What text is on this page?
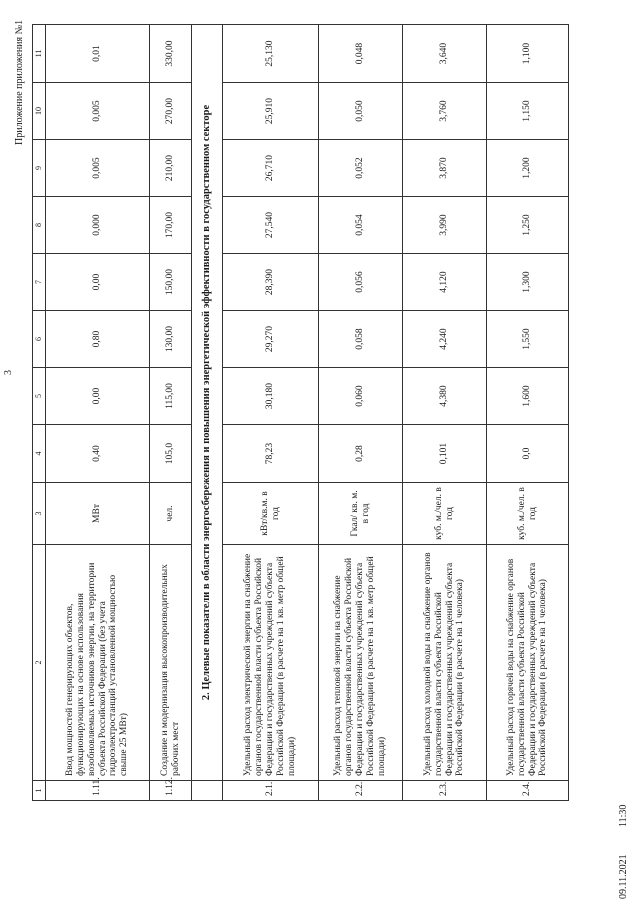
3
Приложение приложения №1
09.11.2021
11:30
1	2	3	4	5	6	7	8	9	10	11
1.11.	Ввод мощностей генерирующих объектов, функционирующих на основе использования возобновляемых источников энергии, на территории субъекта Российской Федерации (без учета гидроэлектростанций установленной мощностью свыше 25 МВт)	МВт	0,40	0,00	0,80	0,00	0,000	0,005	0,005	0,01
1.12.	Создание и модернизация высокопроизводительных рабочих мест	чел.	105,0	115,00	130,00	150,00	170,00	210,00	270,00	330,00
	2. Целевые показатели в области энергосбережения и повышения энергетической эффективности в государственном секторе									
2.1.	Удельный расход электрической энергии на снабжение органов государственной власти субъекта Российской Федерации и государственных учреждений субъекта Российской Федерации (в расчете на 1 кв. метр общей площади)	кВт/кв.м. в год	78,23	30,180	29,270	28,390	27,540	26,710	25,910	25,130
2.2.	Удельный расход тепловой энергии на снабжение органов государственной власти субъекта Российской Федерации и государственных учреждений субъекта Российской Федерации (в расчете на 1 кв. метр общей площади)	Гкал/ кв. м. в год	0,28	0,060	0,058	0,056	0,054	0,052	0,050	0,048
2.3.	Удельный расход холодной воды на снабжение органов государственной власти субъекта Российской Федерации и государственных учреждений субъекта Российской Федерации (в расчете на 1 человека)	куб. м./чел. в год	0,101	4,380	4,240	4,120	3,990	3,870	3,760	3,640
2.4.	Удельный расход горячей воды на снабжение органов государственной власти субъекта Российской Федерации и государственных учреждений субъекта Российской Федерации (в расчете на 1 человека)	куб. м./чел. в год	0,0	1,600	1,550	1,300	1,250	1,200	1,150	1,100
